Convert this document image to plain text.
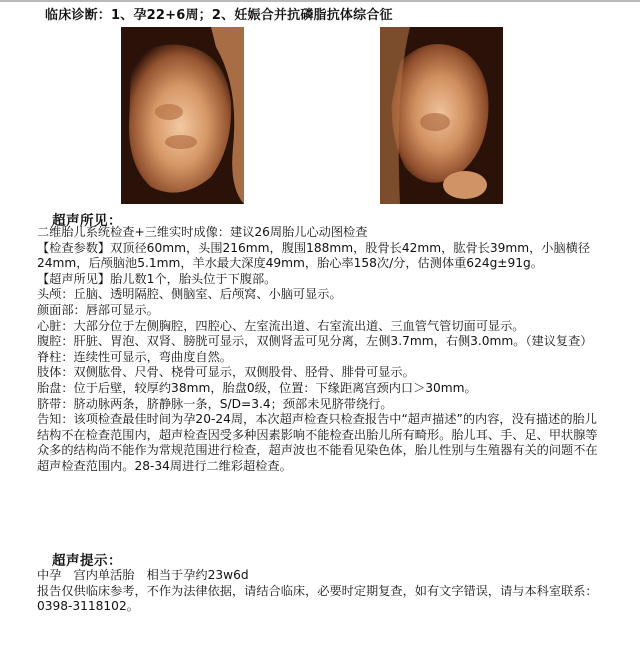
临床诊断：1、孕22+6周；2、妊娠合并抗磷脂抗体综合征
超声所见：

二维胎儿系统检查+三维实时成像：建议26周胎儿心动图检查

【检查参数】双顶径60mm，头围216mm，腹围188mm，股骨长42mm，肱骨长39mm，小脑横径24mm，后颅脑池5.1mm，羊水最大深度49mm，胎心率158次/分，估测体重624g±91g。

【超声所见】胎儿数1个，胎头位于下腹部。

头颅：丘脑、透明隔腔、侧脑室、后颅窝、小脑可显示。

颜面部：唇部可显示。

心脏：大部分位于左侧胸腔，四腔心、左室流出道、右室流出道、三血管气管切面可显示。

腹腔：肝脏、胃泡、双肾、膀胱可显示，双侧肾盂可见分离，左侧3.7mm，右侧3.0mm。（建议复查）

脊柱：连续性可显示，弯曲度自然。

肢体：双侧肱骨、尺骨、桡骨可显示，双侧股骨、胫骨、腓骨可显示。

胎盘：位于后壁，较厚约38mm，胎盘0级，位置：下缘距离宫颈内口＞30mm。

脐带：脐动脉两条，脐静脉一条，S/D=3.4；颈部未见脐带绕行。

告知：该项检查最佳时间为孕20-24周，本次超声检查只检查报告中“超声描述”的内容，没有描述的胎儿结构不在检查范围内，超声检查因受多种因素影响不能检查出胎儿所有畸形。胎儿耳、手、足、甲状腺等众多的结构尚不能作为常规范围进行检查，超声波也不能看见染色体，胎儿性别与生殖器有关的问题不在超声检查范围内。28-34周进行二维彩超检查。

超声提示：

中孕　宫内单活胎　相当于孕约23w6d

报告仅供临床参考，不作为法律依据，请结合临床，必要时定期复查，如有文字错误，请与本科室联系：0398-3118102。
